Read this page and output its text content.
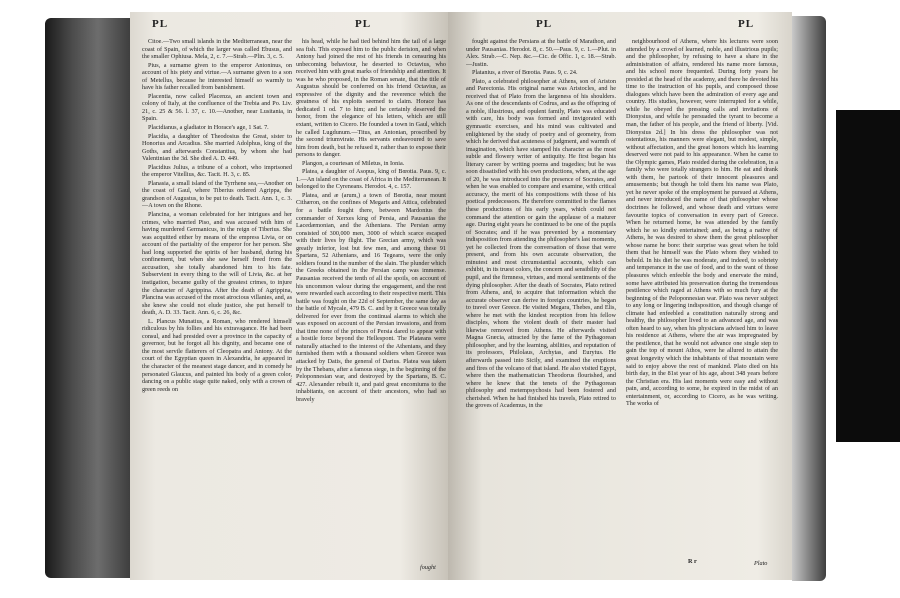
PL	PL

Citoe.—Two small islands in the Mediterranean, near the coast of Spain, of which the larger was called Ebusus, and the smaller Ophiusa. Mela, 2, c. 7.—Strab.—Plin. 3, c. 5.

Pius, a surname given to the emperor Antoninus, on account of his piety and virtue.—A surname given to a son of Metellus, because he interested himself so warmly to have his father recalled from banishment.

Placentia, now called Placenza, an ancient town and colony of Italy, at the confluence of the Trebia and Po. Liv. 21, c. 25 & 56. l. 37, c. 10.—Another, near Lusitania, in Spain.

Placidianus, a gladiator in Horace's age, 1 Sat. 7.

Placidia, a daughter of Theodosius the Great, sister to Honorius and Arcadius. She married Adolphus, king of the Goths, and afterwards Constantius, by whom she had Valentinian the 3d. She died A. D. 449.

Placidius Julius, a tribune of a cohort, who imprisoned the emperor Vitellius, &c. Tacit. H. 3, c. 85.

Planasia, a small island of the Tyrrhene sea,—Another on the coast of Gaul, where Tiberius ordered Agrippa, the grandson of Augustus, to be put to death. Tacit. Ann. 1, c. 3.—A town on the Rhone.

Plancina, a woman celebrated for her intrigues and her crimes, who married Piso, and was accused with him of having murdered Germanicus, in the reign of Tiberius. She was acquitted either by means of the empress Livia, or on account of the partiality of the emperor for her person. She had long supported the spirits of her husband, during his confinement, but when she saw herself freed from the accusation, she totally abandoned him to his fate. Subservient in every thing to the will of Livia, &c. at her instigation, became guilty of the greatest crimes, to injure the character of Agrippina. After the death of Agrippina, Plancina was accused of the most atrocious villanies, and, as she knew she could not elude justice, she put herself to death, A. D. 33. Tacit. Ann. 6, c. 26, &c.

L. Plancus Munatius, a Roman, who rendered himself ridiculous by his follies and his extravagance. He had been consul, and had presided over a province in the capacity of governor, but he forgot all his dignity, and became one of the most servile flatterers of Cleopatra and Antony. At the court of the Egyptian queen in Alexandria, he appeared in the character of the meanest stage dancer, and in comedy he personated Glaucus, and painted his body of a green color, dancing on a public stage quite naked, only with a crown of green reeds on

his head, while he had tied behind him the tail of a large sea fish. This exposed him to the public derision, and when Antony had joined the rest of his friends in censuring his unbecoming behaviour, he deserted to Octavius, who received him with great marks of friendship and attention. It was he who proposed, in the Roman senate, that the title of Augustus should be conferred on his friend Octavius, as expressive of the dignity and the reverence which the greatness of his exploits seemed to claim. Horace has dedicated 1 od. 7 to him; and he certainly deserved the honor, from the elegance of his letters, which are still extant, written to Cicero. He founded a town in Gaul, which he called Lugdunum.—Titus, an Antonian, proscribed by the second triumvirate. His servants endeavoured to save him from death, but he refused it, rather than to expose their persons to danger.

Plangon, a courtesan of Miletus, in Ionia.

Platea, a daughter of Asopus, king of Bœotia. Paus. 9, c. 1.—An island on the coast of Africa in the Mediterranean. It belonged to the Cyreneans. Herodot. 4, c. 157.

Platea, and æ (arum,) a town of Bœotia, near mount Cithæron, on the confines of Megaris and Attica, celebrated for a battle fought there, between Mardonius the commander of Xerxes king of Persia, and Pausanias the Lacedæmonian, and the Athenians. The Persian army consisted of 300,000 men, 3000 of which scarce escaped with their lives by flight. The Grecian army, which was greatly inferior, lost but few men, and among these 91 Spartans, 52 Athenians, and 16 Tegeans, were the only soldiers found in the number of the slain. The plunder which the Greeks obtained in the Persian camp was immense. Pausanias received the tenth of all the spoils, on account of his uncommon valour during the engagement, and the rest were rewarded each according to their respective merit. This battle was fought on the 22d of September, the same day as the battle of Mycale, 479 B. C. and by it Greece was totally delivered for ever from the continual alarms to which she was exposed on account of the Persian invasions, and from that time none of the princes of Persia dared to appear with a hostile force beyond the Hellespont. The Platæans were naturally attached to the interest of the Athenians, and they furnished them with a thousand soldiers when Greece was attacked by Datis, the general of Darius. Platea was taken by the Thebans, after a famous siege, in the beginning of the Peloponnesian war, and destroyed by the Spartans, B. C. 427. Alexander rebuilt it, and paid great encomiums to the inhabitants, on account of their ancestors, who had so bravely

fought
PL	PL

fought against the Persians at the battle of Marathon, and under Pausanias. Herodot. 8, c. 50.—Paus. 9, c. 1.—Plut. in Alex. Strab.—C. Nep. &c.—Cic. de Offic. 1, c. 18.—Strab.—Justin.

Platanius, a river of Bœotia. Paus. 9, c. 24.

Plato, a celebrated philosopher at Athens, son of Ariston and Parectonia. His original name was Aristocles, and he received that of Plato from the largeness of his shoulders. As one of the descendants of Codrus, and as the offspring of a noble, illustrious, and opulent family, Plato was educated with care, his body was formed and invigorated with gymnastic exercises, and his mind was cultivated and enlightened by the study of poetry and of geometry, from which he derived that acuteness of judgment, and warmth of imagination, which have stamped his character as the most subtle and flowery writer of antiquity. He first began his literary career by writing poems and tragedies; but he was soon dissatisfied with his own productions, when, at the age of 20, he was introduced into the presence of Socrates, and when he was enabled to compare and examine, with critical accuracy, the merit of his compositions with those of his poetical predecessors. He therefore committed to the flames these productions of his early years, which could not command the attention or gain the applause of a maturer age. During eight years he continued to be one of the pupils of Socrates; and if he was prevented by a momentary indisposition from attending the philosopher's last moments, yet he collected from the conversation of those that were present, and from his own accurate observation, the minutest and most circumstantial accounts, which can exhibit, in its truest colors, the concern and sensibility of the pupil, and the firmness, virtues, and moral sentiments of the dying philosopher. After the death of Socrates, Plato retired from Athens, and, to acquire that information which the accurate observer can derive in foreign countries, he began to travel over Greece. He visited Megara, Thebes, and Elis, where he met with the kindest reception from his fellow disciples, whom the violent death of their master had likewise removed from Athens. He afterwards visited Magna Græcia, attracted by the fame of the Pythagorean philosopher, and by the learning, abilities, and reputation of its professors, Philolaus, Archytas, and Eurytus. He afterwards passed into Sicily, and examined the eruptions and fires of the volcano of that island. He also visited Egypt, where then the mathematician Theodorus flourished, and where he knew that the tenets of the Pythagorean philosophy and metempsychosis had been fostered and cherished. When he had finished his travels, Plato retired to the groves of Academus, in the

neighbourhood of Athens, where his lectures were soon attended by a crowd of learned, noble, and illustrious pupils; and the philosopher, by refusing to have a share in the administration of affairs, rendered his name more famous, and his school more frequented. During forty years he presided at the head of the academy, and there he devoted his time to the instruction of his pupils, and composed those dialogues which have been the admiration of every age and country. His studies, however, were interrupted for a while, while he obeyed the pressing calls and invitations of Dionysius, and while he persuaded the tyrant to become a man, the father of his people, and the friend of liberty. [Vid. Dionysius 2d.] In his dress the philosopher was not ostentatious, his manners were elegant, but modest, simple, without affectation, and the great honors which his learning deserved were not paid to his appearance. When he came to the Olympic games, Plato resided during the celebration, in a family who were totally strangers to him. He eat and drank with them, he partook of their innocent pleasures and amusements; but though he told them his name was Plato, yet he never spoke of the employment he pursued at Athens, and never introduced the name of that philosopher whose doctrines he followed, and whose death and virtues were favourite topics of conversation in every part of Greece. When he returned home, he was attended by the family which he so kindly entertained; and, as being a native of Athens, he was desired to show them the great philosopher whose name he bore: their surprise was great when he told them that he himself was the Plato whom they wished to behold. In his diet he was moderate, and indeed, to sobriety and temperance in the use of food, and to the want of those pleasures which enfeeble the body and enervate the mind, some have attributed his preservation during the tremendous pestilence which raged at Athens with so much fury at the beginning of the Peloponnesian war. Plato was never subject to any long or lingering indisposition, and though change of climate had enfeebled a constitution naturally strong and healthy, the philosopher lived to an advanced age, and was often heard to say, when his physicians advised him to leave his residence at Athens, where the air was impregnated by the pestilence, that he would not advance one single step to gain the top of mount Athos, were he allured to attain the great longevity which the inhabitants of that mountain were said to enjoy above the rest of mankind. Plato died on his birth day, in the 81st year of his age, about 348 years before the Christian era. His last moments were easy and without pain, and, according to some, he expired in the midst of an entertainment, or, according to Cicero, as he was writing. The works of

R r	Plato
